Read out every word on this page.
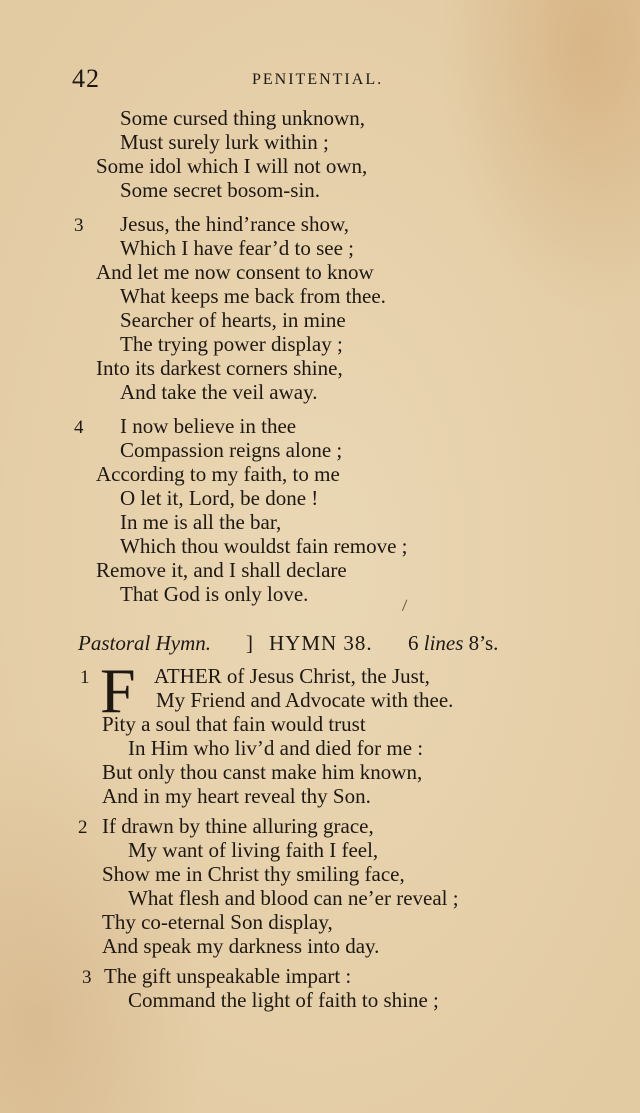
42	PENITENTIAL.
Some cursed thing unknown,
Must surely lurk within ;
Some idol which I will not own,
Some secret bosom-sin.
3 Jesus, the hind’rance show,
Which I have fear’d to see ;
And let me now consent to know
What keeps me back from thee.
Searcher of hearts, in mine
The trying power display ;
Into its darkest corners shine,
And take the veil away.
4 I now believe in thee
Compassion reigns alone ;
According to my faith, to me
O let it, Lord, be done !
In me is all the bar,
Which thou wouldst fain remove ;
Remove it, and I shall declare
That God is only love.
Pastoral Hymn. ] HYMN 38. 6 lines 8’s.
1 F ATHER of Jesus Christ, the Just,
My Friend and Advocate with thee.
Pity a soul that fain would trust
In Him who liv’d and died for me :
But only thou canst make him known,
And in my heart reveal thy Son.
2 If drawn by thine alluring grace,
My want of living faith I feel,
Show me in Christ thy smiling face,
What flesh and blood can ne’er reveal ;
Thy co-eternal Son display,
And speak my darkness into day.
3 The gift unspeakable impart :
Command the light of faith to shine ;
